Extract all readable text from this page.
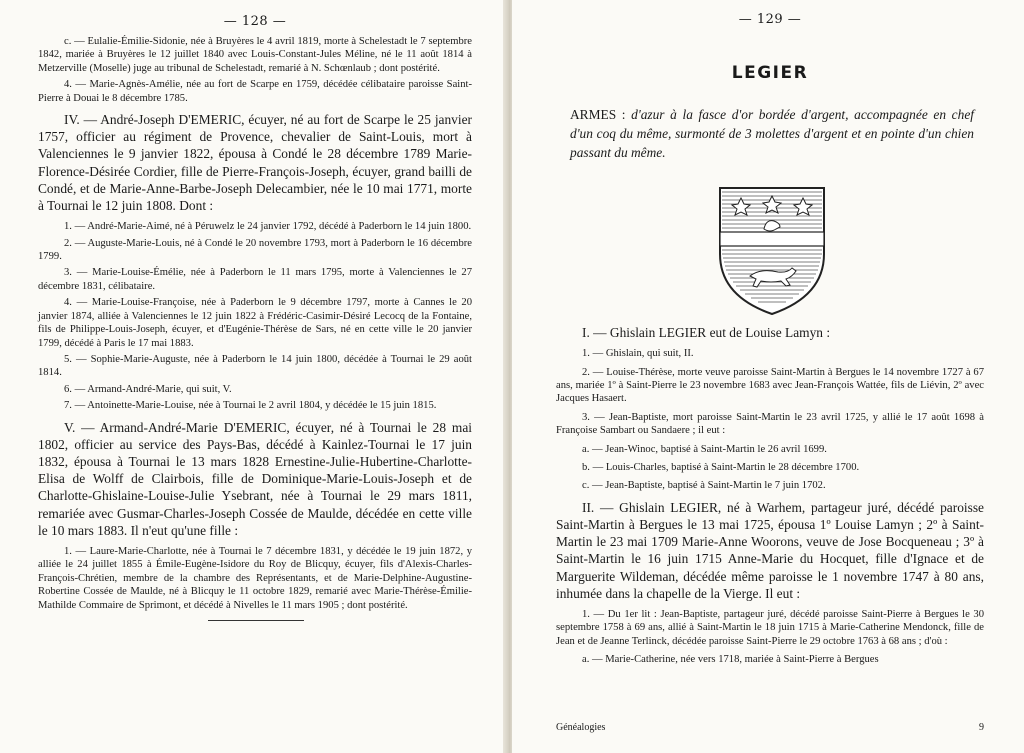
— 128 —

c. — Eulalie-Émilie-Sidonie, née à Bruyères le 4 avril 1819, morte à Schelestadt le 7 septembre 1842, mariée à Bruyères le 12 juillet 1840 avec Louis-Constant-Jules Méline, né le 11 août 1814 à Metzerville (Moselle) juge au tribunal de Schelestadt, remarié à N. Schœnlaub ; dont postérité.

4. — Marie-Agnès-Amélie, née au fort de Scarpe en 1759, décédée célibataire paroisse Saint-Pierre à Douai le 8 décembre 1785.

IV. — André-Joseph D'EMERIC, écuyer, né au fort de Scarpe le 25 janvier 1757, officier au régiment de Provence, chevalier de Saint-Louis, mort à Valenciennes le 9 janvier 1822, épousa à Condé le 28 décembre 1789 Marie-Florence-Désirée Cordier, fille de Pierre-François-Joseph, écuyer, grand bailli de Condé, et de Marie-Anne-Barbe-Joseph Delecambier, née le 10 mai 1771, morte à Tournai le 12 juin 1808. Dont :

1. — André-Marie-Aimé, né à Péruwelz le 24 janvier 1792, décédé à Paderborn le 14 juin 1800.

2. — Auguste-Marie-Louis, né à Condé le 20 novembre 1793, mort à Paderborn le 16 décembre 1799.

3. — Marie-Louise-Émélie, née à Paderborn le 11 mars 1795, morte à Valenciennes le 27 décembre 1831, célibataire.

4. — Marie-Louise-Françoise, née à Paderborn le 9 décembre 1797, morte à Cannes le 20 janvier 1874, alliée à Valenciennes le 12 juin 1822 à Frédéric-Casimir-Désiré Lecocq de la Fontaine, fils de Philippe-Louis-Joseph, écuyer, et d'Eugénie-Thérèse de Sars, né en cette ville le 20 janvier 1799, décédé à Paris le 17 mai 1883.

5. — Sophie-Marie-Auguste, née à Paderborn le 14 juin 1800, décédée à Tournai le 29 août 1814.

6. — Armand-André-Marie, qui suit, V.

7. — Antoinette-Marie-Louise, née à Tournai le 2 avril 1804, y décédée le 15 juin 1815.

V. — Armand-André-Marie D'EMERIC, écuyer, né à Tournai le 28 mai 1802, officier au service des Pays-Bas, décédé à Kainlez-Tournai le 17 juin 1832, épousa à Tournai le 13 mars 1828 Ernestine-Julie-Hubertine-Charlotte-Elisa de Wolff de Clairbois, fille de Dominique-Marie-Louis-Joseph et de Charlotte-Ghislaine-Louise-Julie Ysebrant, née à Tournai le 29 mars 1811, remariée avec Gusmar-Charles-Joseph Cossée de Maulde, décédée en cette ville le 10 mars 1883. Il n'eut qu'une fille :

1. — Laure-Marie-Charlotte, née à Tournai le 7 décembre 1831, y décédée le 19 juin 1872, y alliée le 24 juillet 1855 à Émile-Eugène-Isidore du Roy de Blicquy, écuyer, fils d'Alexis-Charles-François-Chrétien, membre de la chambre des Représentants, et de Marie-Delphine-Augustine-Robertine Cossée de Maulde, né à Blicquy le 11 octobre 1829, remarié avec Marie-Thérèse-Émilie-Mathilde Commaire de Sprimont, et décédé à Nivelles le 11 mars 1905 ; dont postérité.

— 129 —
LEGIER

ARMES : d'azur à la fasce d'or bordée d'argent, accompagnée en chef d'un coq du même, surmonté de 3 molettes d'argent et en pointe d'un chien passant du même.

I. — Ghislain LEGIER eut de Louise Lamyn :

1. — Ghislain, qui suit, II.

2. — Louise-Thérèse, morte veuve paroisse Saint-Martin à Bergues le 14 novembre 1727 à 67 ans, mariée 1º à Saint-Pierre le 23 novembre 1683 avec Jean-François Wattée, fils de Liévin, 2º avec Jacques Hasaert.

3. — Jean-Baptiste, mort paroisse Saint-Martin le 23 avril 1725, y allié le 17 août 1698 à Françoise Sambart ou Sandaere ; il eut :

a. — Jean-Winoc, baptisé à Saint-Martin le 26 avril 1699.

b. — Louis-Charles, baptisé à Saint-Martin le 28 décembre 1700.

c. — Jean-Baptiste, baptisé à Saint-Martin le 7 juin 1702.

II. — Ghislain LEGIER, né à Warhem, partageur juré, décédé paroisse Saint-Martin à Bergues le 13 mai 1725, épousa 1º Louise Lamyn ; 2º à Saint-Martin le 23 mai 1709 Marie-Anne Woorons, veuve de Jose Bocqueneau ; 3º à Saint-Martin le 16 juin 1715 Anne-Marie du Hocquet, fille d'Ignace et de Marguerite Wildeman, décédée même paroisse le 1 novembre 1747 à 80 ans, inhumée dans la chapelle de la Vierge. Il eut :

1. — Du 1er lit : Jean-Baptiste, partageur juré, décédé paroisse Saint-Pierre à Bergues le 30 septembre 1758 à 69 ans, allié à Saint-Martin le 18 juin 1715 à Marie-Catherine Mendonck, fille de Jean et de Jeanne Terlinck, décédée paroisse Saint-Pierre le 29 octobre 1763 à 68 ans ; d'où :

a. — Marie-Catherine, née vers 1718, mariée à Saint-Pierre à Bergues

Généalogies	9
